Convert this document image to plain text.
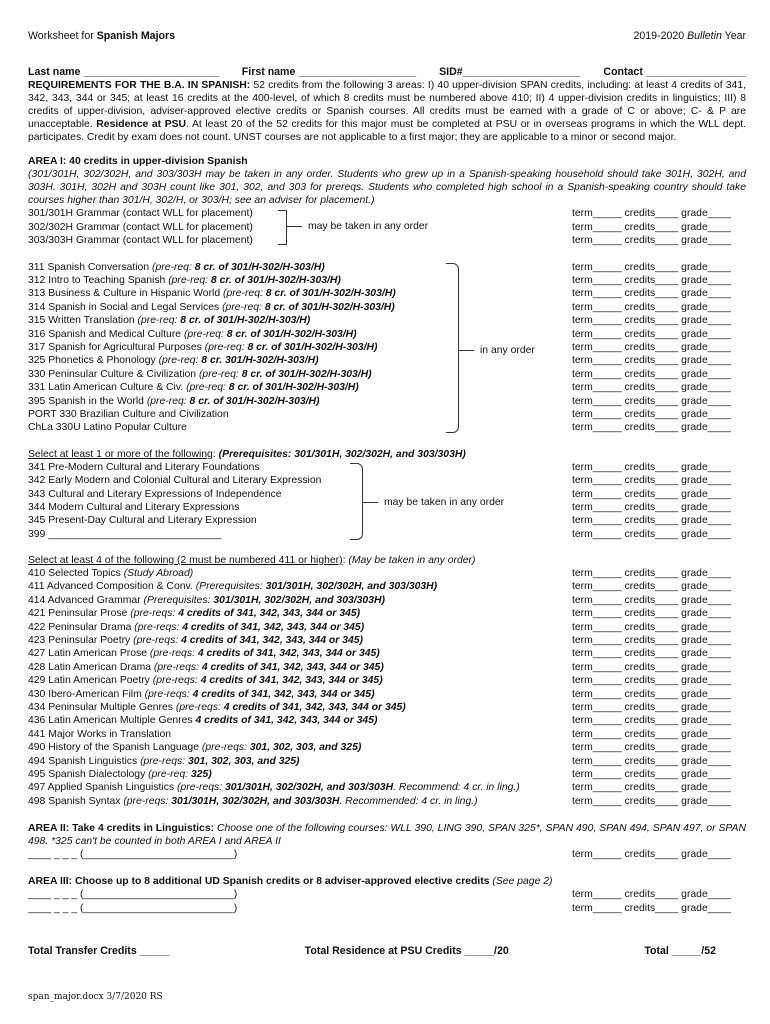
Worksheet for Spanish Majors	2019-2020 Bulletin Year
Last name _______________________ First name ____________________ SID#____________________ Contact _________________

REQUIREMENTS FOR THE B.A. IN SPANISH: 52 credits from the following 3 areas: I) 40 upper-division SPAN credits, including: at least 4 credits of 341, 342, 343, 344 or 345; at least 16 credits at the 400-level, of which 8 credits must be numbered above 410; II) 4 upper-division credits in linguistics; III) 8 credits of upper-division, adviser-approved elective credits or Spanish courses. All credits must be earned with a grade of C or above; C- & P are unacceptable. Residence at PSU. At least 20 of the 52 credits for this major must be completed at PSU or in overseas programs in which the WLL dept. participates. Credit by exam does not count. UNST courses are not applicable to a first major; they are applicable to a minor or second major.

AREA I: 40 credits in upper-division Spanish

(301/301H, 302/302H, and 303/303H may be taken in any order. Students who grew up in a Spanish-speaking household should take 301H, 302H, and 303H. 301H, 302H and 303H count like 301, 302, and 303 for prereqs. Students who completed high school in a Spanish-speaking country should take courses higher than 301/H, 302/H, or 303/H; see an adviser for placement.)

301/301H Grammar (contact WLL for placement)	term_____ credits____ grade____
302/302H Grammar (contact WLL for placement)	term_____ credits____ grade____
303/303H Grammar (contact WLL for placement)	term_____ credits____ grade____
may be taken in any order
311 Spanish Conversation (pre-req: 8 cr. of 301/H-302/H-303/H)	term_____ credits____ grade____
312 Intro to Teaching Spanish (pre-req: 8 cr. of 301/H-302/H-303/H)	term_____ credits____ grade____
313 Business & Culture in Hispanic World (pre-req: 8 cr. of 301/H-302/H-303/H)	term_____ credits____ grade____
314 Spanish in Social and Legal Services (pre-req: 8 cr. of 301/H-302/H-303/H)	term_____ credits____ grade____
315 Written Translation (pre-req: 8 cr. of 301/H-302/H-303/H)	term_____ credits____ grade____
316 Spanish and Medical Culture (pre-req: 8 cr. of 301/H-302/H-303/H)	term_____ credits____ grade____
317 Spanish for Agricultural Purposes (pre-req: 8 cr. of 301/H-302/H-303/H)	term_____ credits____ grade____
325 Phonetics & Phonology (pre-req: 8 cr. 301/H-302/H-303/H)	term_____ credits____ grade____
330 Peninsular Culture & Civilization (pre-req: 8 cr. of 301/H-302/H-303/H)	term_____ credits____ grade____
331 Latin American Culture & Civ. (pre-req: 8 cr. of 301/H-302/H-303/H)	term_____ credits____ grade____
395 Spanish in the World (pre-req: 8 cr. of 301/H-302/H-303/H)	term_____ credits____ grade____
PORT 330 Brazilian Culture and Civilization	term_____ credits____ grade____
ChLa 330U Latino Popular Culture	term_____ credits____ grade____
in any order
Select at least 1 or more of the following: (Prerequisites: 301/301H, 302/302H, and 303/303H)
341 Pre-Modern Cultural and Literary Foundations	term_____ credits____ grade____
342 Early Modern and Colonial Cultural and Literary Expression	term_____ credits____ grade____
343 Cultural and Literary Expressions of Independence	term_____ credits____ grade____
344 Modern Cultural and Literary Expressions	term_____ credits____ grade____
345 Present-Day Cultural and Literary Expression	term_____ credits____ grade____
399 ______________________________	term_____ credits____ grade____
may be taken in any order
Select at least 4 of the following (2 must be numbered 411 or higher): (May be taken in any order)
410 Selected Topics (Study Abroad)	term_____ credits____ grade____
411 Advanced Composition & Conv. (Prerequisites: 301/301H, 302/302H, and 303/303H)	term_____ credits____ grade____
414 Advanced Grammar (Prerequisites: 301/301H, 302/302H, and 303/303H)	term_____ credits____ grade____
421 Peninsular Prose (pre-reqs: 4 credits of 341, 342, 343, 344 or 345)	term_____ credits____ grade____
422 Peninsular Drama (pre-reqs: 4 credits of 341, 342, 343, 344 or 345)	term_____ credits____ grade____
423 Peninsular Poetry (pre-reqs: 4 credits of 341, 342, 343, 344 or 345)	term_____ credits____ grade____
427 Latin American Prose (pre-reqs: 4 credits of 341, 342, 343, 344 or 345)	term_____ credits____ grade____
428 Latin American Drama (pre-reqs: 4 credits of 341, 342, 343, 344 or 345)	term_____ credits____ grade____
429 Latin American Poetry (pre-reqs: 4 credits of 341, 342, 343, 344 or 345)	term_____ credits____ grade____
430 Ibero-American Film (pre-reqs: 4 credits of 341, 342, 343, 344 or 345)	term_____ credits____ grade____
434 Peninsular Multiple Genres (pre-reqs: 4 credits of 341, 342, 343, 344 or 345)	term_____ credits____ grade____
436 Latin American Multiple Genres 4 credits of 341, 342, 343, 344 or 345)	term_____ credits____ grade____
441 Major Works in Translation	term_____ credits____ grade____
490 History of the Spanish Language (pre-reqs: 301, 302, 303, and 325)	term_____ credits____ grade____
494 Spanish Linguistics (pre-reqs: 301, 302, 303, and 325)	term_____ credits____ grade____
495 Spanish Dialectology (pre-req: 325)	term_____ credits____ grade____
497 Applied Spanish Linguistics (pre-reqs: 301/301H, 302/302H, and 303/303H. Recommend: 4 cr. in ling.)	term_____ credits____ grade____
498 Spanish Syntax (pre-reqs: 301/301H, 302/302H, and 303/303H. Recommended: 4 cr. in ling.)	term_____ credits____ grade____

AREA II: Take 4 credits in Linguistics: Choose one of the following courses: WLL 390, LING 390, SPAN 325*, SPAN 490, SPAN 494, SPAN 497, or SPAN 498. *325 can't be counted in both AREA I and AREA II

____ _ _ _ (__________________________)	term_____ credits____ grade____
AREA III: Choose up to 8 additional UD Spanish credits or 8 adviser-approved elective credits (See page 2)
____ _ _ _ (__________________________)	term_____ credits____ grade____
____ _ _ _ (__________________________)	term_____ credits____ grade____
Total Transfer Credits _____	Total Residence at PSU Credits _____/20	Total _____/52
span_major.docx 3/7/2020 RS
